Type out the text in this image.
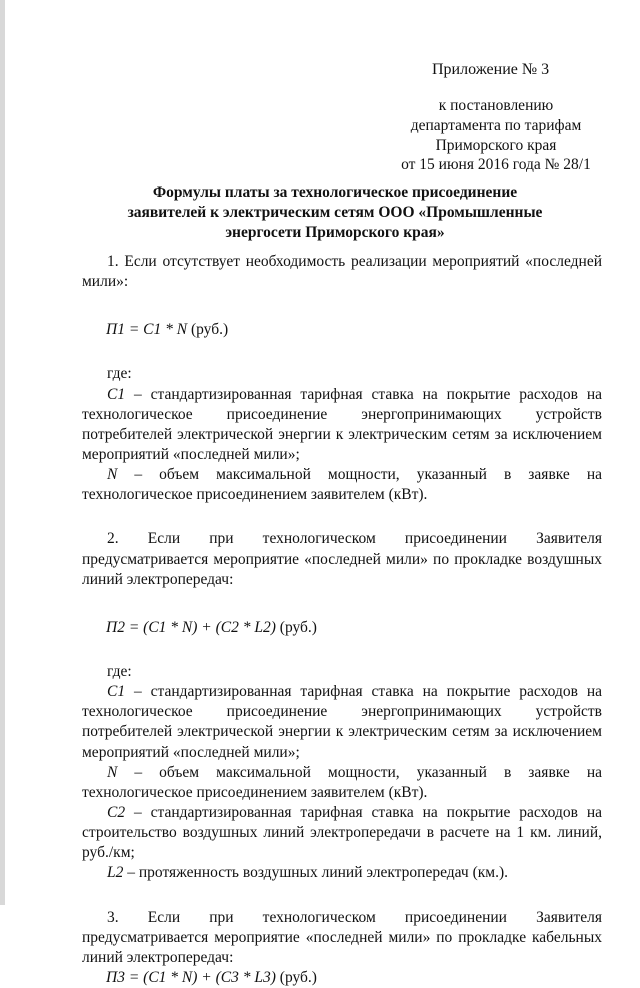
Приложение № 3
к постановлению
департамента по тарифам
Приморского края
от 15 июня 2016 года № 28/1
Формулы платы за технологическое присоединение
заявителей к электрическим сетям ООО «Промышленные
энергосети Приморского края»

1. Если отсутствует необходимость реализации мероприятий «последней мили»:

П1 = С1 * N (руб.)

где:

С1 – стандартизированная тарифная ставка на покрытие расходов на технологическое присоединение энергопринимающих устройств потребителей электрической энергии к электрическим сетям за исключением мероприятий «последней мили»;

N – объем максимальной мощности, указанный в заявке на технологическое присоединением заявителем (кВт).

2. Если при технологическом присоединении Заявителя предусматривается мероприятие «последней мили» по прокладке воздушных линий электропередач:

П2 = (С1 * N) + (С2 * L2) (руб.)

где:

С1 – стандартизированная тарифная ставка на покрытие расходов на технологическое присоединение энергопринимающих устройств потребителей электрической энергии к электрическим сетям за исключением мероприятий «последней мили»;

N – объем максимальной мощности, указанный в заявке на технологическое присоединением заявителем (кВт).

С2 – стандартизированная тарифная ставка на покрытие расходов на строительство воздушных линий электропередачи в расчете на 1 км. линий, руб./км;

L2 – протяженность воздушных линий электропередач (км.).

3. Если при технологическом присоединении Заявителя предусматривается мероприятие «последней мили» по прокладке кабельных линий электропередач:

П3 = (С1 * N) + (С3 * L3) (руб.)
